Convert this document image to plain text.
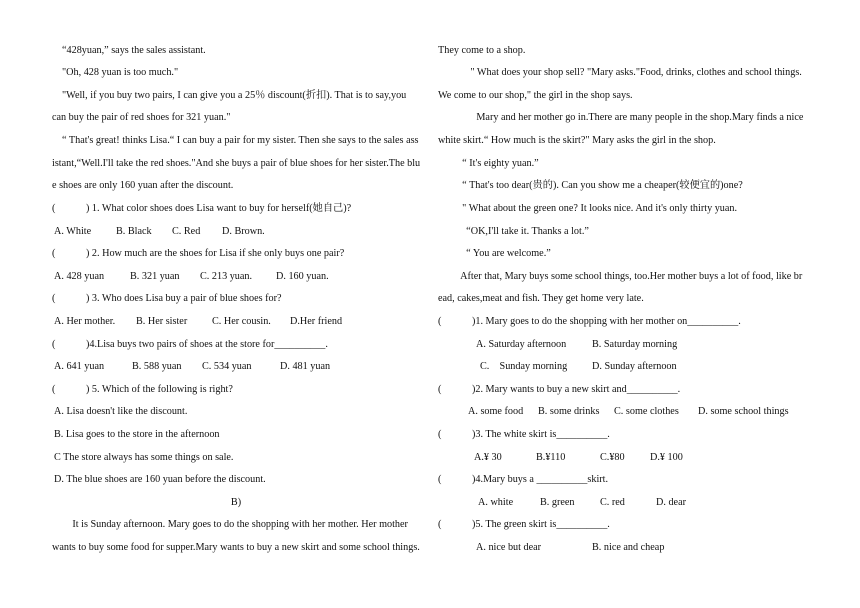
“428yuan,” says the sales assistant.
"Oh, 428 yuan is too much."
"Well, if you buy two pairs, I can give you a 25％ discount(折扣). That is to say,you
can buy the pair of red shoes for 321 yuan."
“ That's great! thinks Lisa.“ I can buy a pair for my sister. Then she says to the sales ass
istant,“Well.I'll take the red shoes."And she buys a pair of blue shoes for her sister.The blu
e shoes are only 160 yuan after the discount.
(　　　) 1. What color shoes does Lisa want to buy for herself(她自己)?
A. White	B. Black	C. Red	D. Brown.
(　　　) 2. How much are the shoes for Lisa if she only buys one pair?
A. 428 yuan	B. 321 yuan	C. 213 yuan.	D. 160 yuan.
(　　　) 3. Who does Lisa buy a pair of blue shoes for?
A. Her mother.	B. Her sister	C. Her cousin.	D.Her friend
(　　　)4.Lisa buys two pairs of shoes at the store for__________.
A. 641 yuan	B. 588 yuan	C. 534 yuan	D. 481 yuan
(　　　) 5. Which of the following is right?
A. Lisa doesn't like the discount.
B. Lisa goes to the store in the afternoon
C The store always has some things on sale.
D. The blue shoes are 160 yuan before the discount.
B)
　　It is Sunday afternoon. Mary goes to do the shopping with her mother. Her mother
wants to buy some food for supper.Mary wants to buy a new skirt and some school things.
They come to a shop.
　　" What does your shop sell? "Mary asks."Food, drinks, clothes and school things.
We come to our shop," the girl in the shop says.
　　Mary and her mother go in.There are many people in the shop.Mary finds a nice
white skirt.“ How much is the skirt?" Mary asks the girl in the shop.
　“ It's eighty yuan.”
　“ That's too dear(贵的). Can you show me a cheaper(较便宜的)one?
　" What about the green one? It looks nice. And it's only thirty yuan.
　“OK,I'll take it. Thanks a lot.”
　“ You are welcome.”
　After that, Mary buys some school things, too.Her mother buys a lot of food, like br
ead, cakes,meat and fish. They get home very late.
(　　　)1. Mary goes to do the shopping with her mother on__________.
A. Saturday afternoon	B. Saturday morning
C.　Sunday morning	D. Sunday afternoon
(　　　)2. Mary wants to buy a new skirt and__________.
A. some food	B. some drinks	C. some clothes	D. some school things
(　　　)3. The white skirt is__________.
A.¥ 30	B.¥110	C.¥80	D.¥ 100
(　　　)4.Mary buys a __________skirt.
A. white	B. green	C. red	D. dear
(　　　)5. The green skirt is__________.
A. nice but dear	B. nice and cheap
